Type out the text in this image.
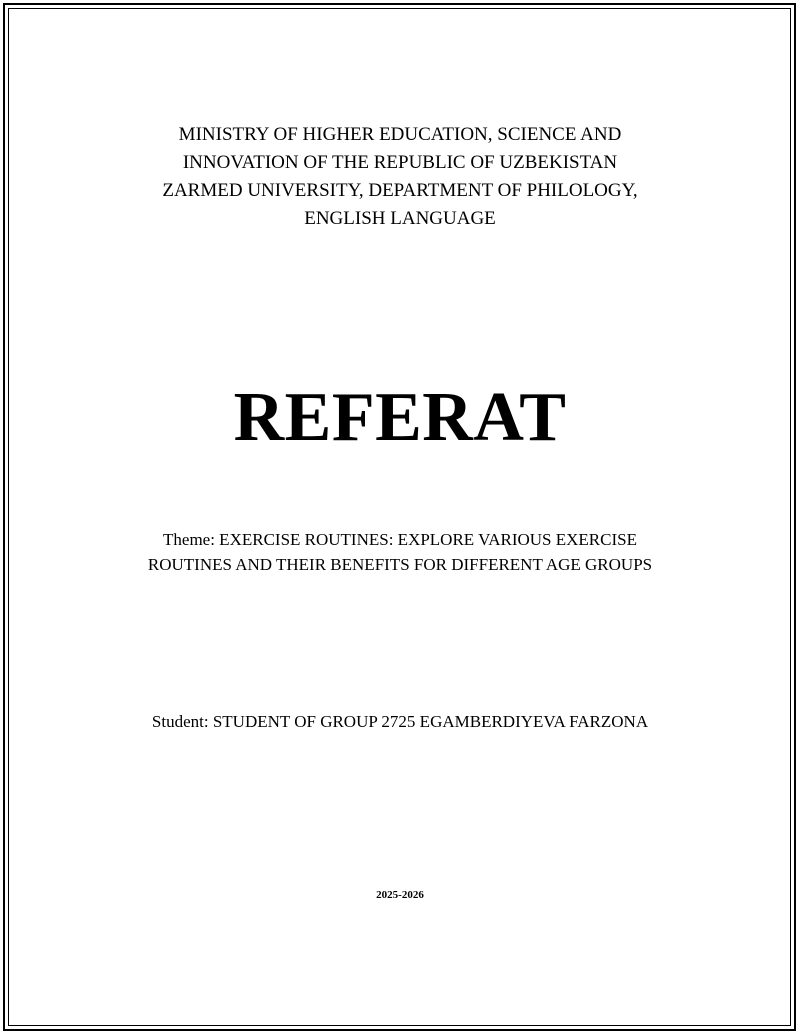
MINISTRY OF HIGHER EDUCATION, SCIENCE AND
INNOVATION OF THE REPUBLIC OF UZBEKISTAN
ZARMED UNIVERSITY, DEPARTMENT OF PHILOLOGY,
ENGLISH LANGUAGE
REFERAT
Theme: EXERCISE ROUTINES: EXPLORE VARIOUS EXERCISE
ROUTINES AND THEIR BENEFITS FOR DIFFERENT AGE GROUPS
Student: STUDENT OF GROUP 2725 EGAMBERDIYEVA FARZONA
2025-2026
